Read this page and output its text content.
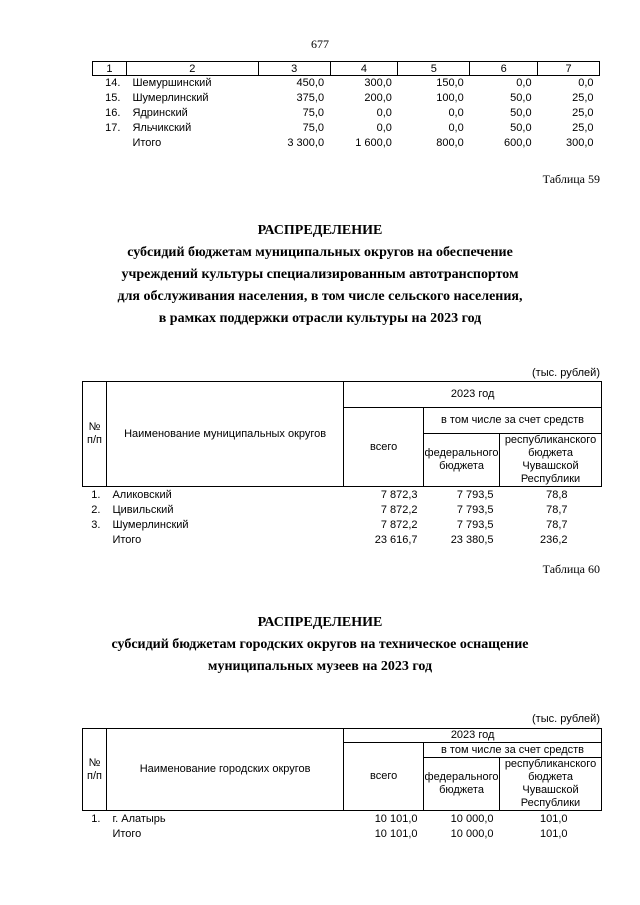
677
1	2	3	4	5	6	7
14.	Шемуршинский	450,0	300,0	150,0	0,0	0,0
15.	Шумерлинский	375,0	200,0	100,0	50,0	25,0
16.	Ядринский	75,0	0,0	0,0	50,0	25,0
17.	Яльчикский	75,0	0,0	0,0	50,0	25,0
	Итого	3 300,0	1 600,0	800,0	600,0	300,0
Таблица 59
РАСПРЕДЕЛЕНИЕ
субсидий бюджетам муниципальных округов на обеспечение
учреждений культуры специализированным автотранспортом
для обслуживания населения, в том числе сельского населения,
в рамках поддержки отрасли культуры на 2023 год
(тыс. рублей)
№ п/п	Наименование муниципальных округов	2023 год		
		всего	в том числе за счет средств	
			федерального бюджета	республиканского бюджета Чувашской Республики
1.	Аликовский	7 872,3	7 793,5	78,8
2.	Цивильский	7 872,2	7 793,5	78,7
3.	Шумерлинский	7 872,2	7 793,5	78,7
	Итого	23 616,7	23 380,5	236,2
Таблица 60
РАСПРЕДЕЛЕНИЕ
субсидий бюджетам городских округов на техническое оснащение
муниципальных музеев на 2023 год
(тыс. рублей)
№ п/п	Наименование городских округов	2023 год		
		всего	в том числе за счет средств	
			федерального бюджета	республиканского бюджета Чувашской Республики
1.	г. Алатырь	10 101,0	10 000,0	101,0
	Итого	10 101,0	10 000,0	101,0
